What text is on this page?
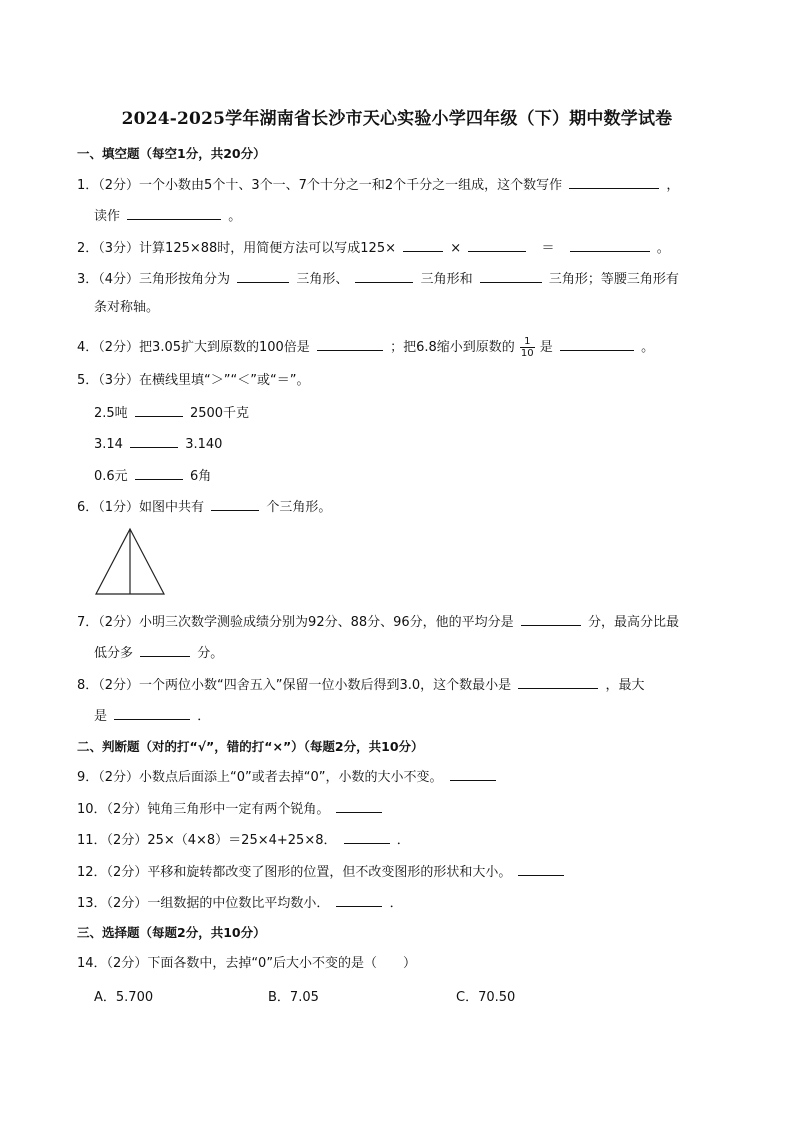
2024-2025学年湖南省长沙市天心实验小学四年级（下）期中数学试卷
一、填空题（每空1分，共20分）
1．（2分）一个小数由5个十、3个一、7个十分之一和2个千分之一组成，这个数写作	，
读作	。
2．（3分）计算125×88时，用简便方法可以写成125×	×	＝	。
3．（4分）三角形按角分为	三角形、	三角形和	三角形；等腰三角形有
条对称轴。
4．（2分）把3.05扩大到原数的100倍是	；把6.8缩小到原数的 $\frac{1}{10}$ 是	。
5．（3分）在横线里填“＞”“＜”或“＝”。
2.5吨	2500千克
3.14	3.140
0.6元	6角
6．（1分）如图中共有	个三角形。
7．（2分）小明三次数学测验成绩分别为92分、88分、96分，他的平均分是	分，最高分比最
低分多	分。
8．（2分）一个两位小数“四舍五入”保留一位小数后得到3.0，这个数最小是	，最大
是	．
二、判断题（对的打“√”，错的打“×”）（每题2分，共10分）
9．（2分）小数点后面添上“0”或者去掉“0”，小数的大小不变。
10．（2分）钝角三角形中一定有两个锐角。
11．（2分）25×（4×8）＝25×4+25×8．	．
12．（2分）平移和旋转都改变了图形的位置，但不改变图形的形状和大小。
13．（2分）一组数据的中位数比平均数小．	．
三、选择题（每题2分，共10分）
14．（2分）下面各数中，去掉“0”后大小不变的是（　　）
A．5.700	B．7.05	C．70.50
